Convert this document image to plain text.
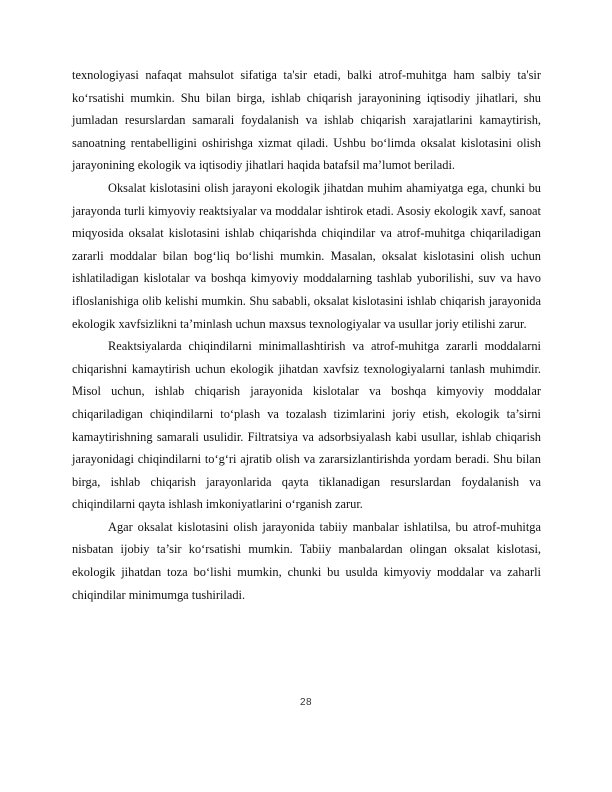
texnologiyasi nafaqat mahsulot sifatiga ta'sir etadi, balki atrof-muhitga ham salbiy ta'sir ko‘rsatishi mumkin. Shu bilan birga, ishlab chiqarish jarayonining iqtisodiy jihatlari, shu jumladan resurslardan samarali foydalanish va ishlab chiqarish xarajatlarini kamaytirish, sanoatning rentabelligini oshirishga xizmat qiladi. Ushbu bo‘limda oksalat kislotasini olish jarayonining ekologik va iqtisodiy jihatlari haqida batafsil ma’lumot beriladi.

Oksalat kislotasini olish jarayoni ekologik jihatdan muhim ahamiyatga ega, chunki bu jarayonda turli kimyoviy reaktsiyalar va moddalar ishtirok etadi. Asosiy ekologik xavf, sanoat miqyosida oksalat kislotasini ishlab chiqarishda chiqindilar va atrof-muhitga chiqariladigan zararli moddalar bilan bog‘liq bo‘lishi mumkin. Masalan, oksalat kislotasini olish uchun ishlatiladigan kislotalar va boshqa kimyoviy moddalarning tashlab yuborilishi, suv va havo ifloslanishiga olib kelishi mumkin. Shu sababli, oksalat kislotasini ishlab chiqarish jarayonida ekologik xavfsizlikni ta’minlash uchun maxsus texnologiyalar va usullar joriy etilishi zarur.

Reaktsiyalarda chiqindilarni minimallashtirish va atrof-muhitga zararli moddalarni chiqarishni kamaytirish uchun ekologik jihatdan xavfsiz texnologiyalarni tanlash muhimdir. Misol uchun, ishlab chiqarish jarayonida kislotalar va boshqa kimyoviy moddalar chiqariladigan chiqindilarni to‘plash va tozalash tizimlarini joriy etish, ekologik ta’sirni kamaytirishning samarali usulidir. Filtratsiya va adsorbsiyalash kabi usullar, ishlab chiqarish jarayonidagi chiqindilarni to‘g‘ri ajratib olish va zararsizlantirishda yordam beradi. Shu bilan birga, ishlab chiqarish jarayonlarida qayta tiklanadigan resurslardan foydalanish va chiqindilarni qayta ishlash imkoniyatlarini o‘rganish zarur.

Agar oksalat kislotasini olish jarayonida tabiiy manbalar ishlatilsa, bu atrof-muhitga nisbatan ijobiy ta’sir ko‘rsatishi mumkin. Tabiiy manbalardan olingan oksalat kislotasi, ekologik jihatdan toza bo‘lishi mumkin, chunki bu usulda kimyoviy moddalar va zaharli chiqindilar minimumga tushiriladi.

28
